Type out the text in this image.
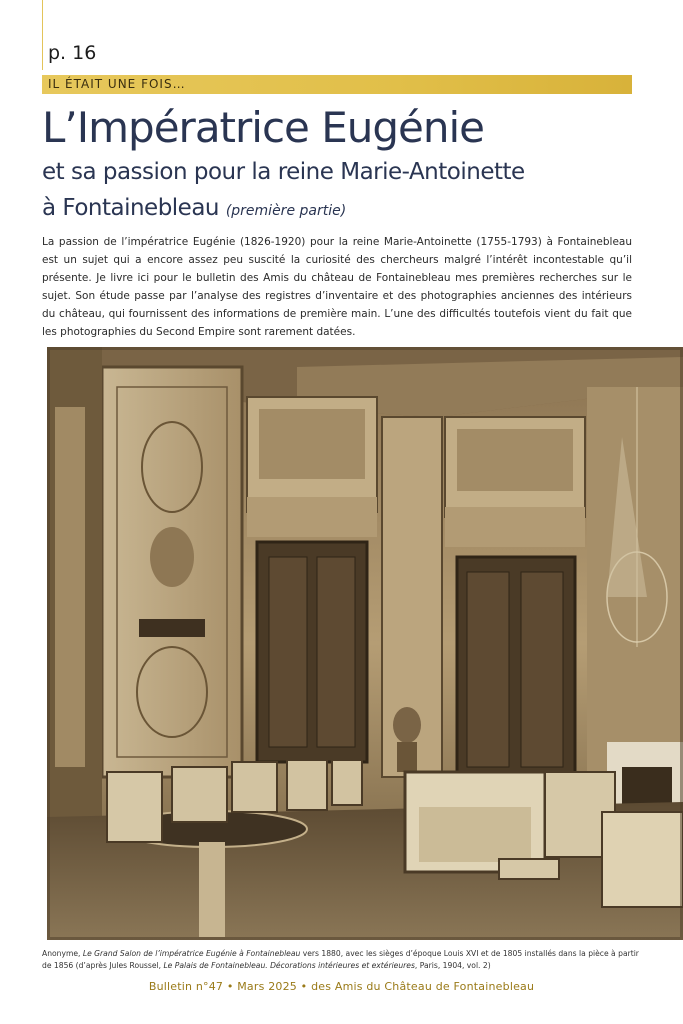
p. 16
IL ÉTAIT UNE FOIS…
L’Impératrice Eugénie
et sa passion pour la reine Marie-Antoinette
à Fontainebleau (première partie)

La passion de l’impératrice Eugénie (1826-1920) pour la reine Marie-Antoinette (1755-1793) à Fontainebleau est un sujet qui a encore assez peu suscité la curiosité des chercheurs malgré l’intérêt incontestable qu’il présente. Je livre ici pour le bulletin des Amis du château de Fontainebleau mes premières recherches sur le sujet. Son étude passe par l’analyse des registres d’inventaire et des photographies anciennes des intérieurs du château, qui fournissent des informations de première main. L’une des difficultés toutefois vient du fait que les photographies du Second Empire sont rarement datées.

Anonyme, Le Grand Salon de l’impératrice Eugénie à Fontainebleau vers 1880, avec les sièges d’époque Louis XVI et de 1805 installés dans la pièce à partir de 1856 (d’après Jules Roussel, Le Palais de Fontainebleau. Décorations intérieures et extérieures, Paris, 1904, vol. 2)

Bulletin n°47 • Mars 2025 • des Amis du Château de Fontainebleau
